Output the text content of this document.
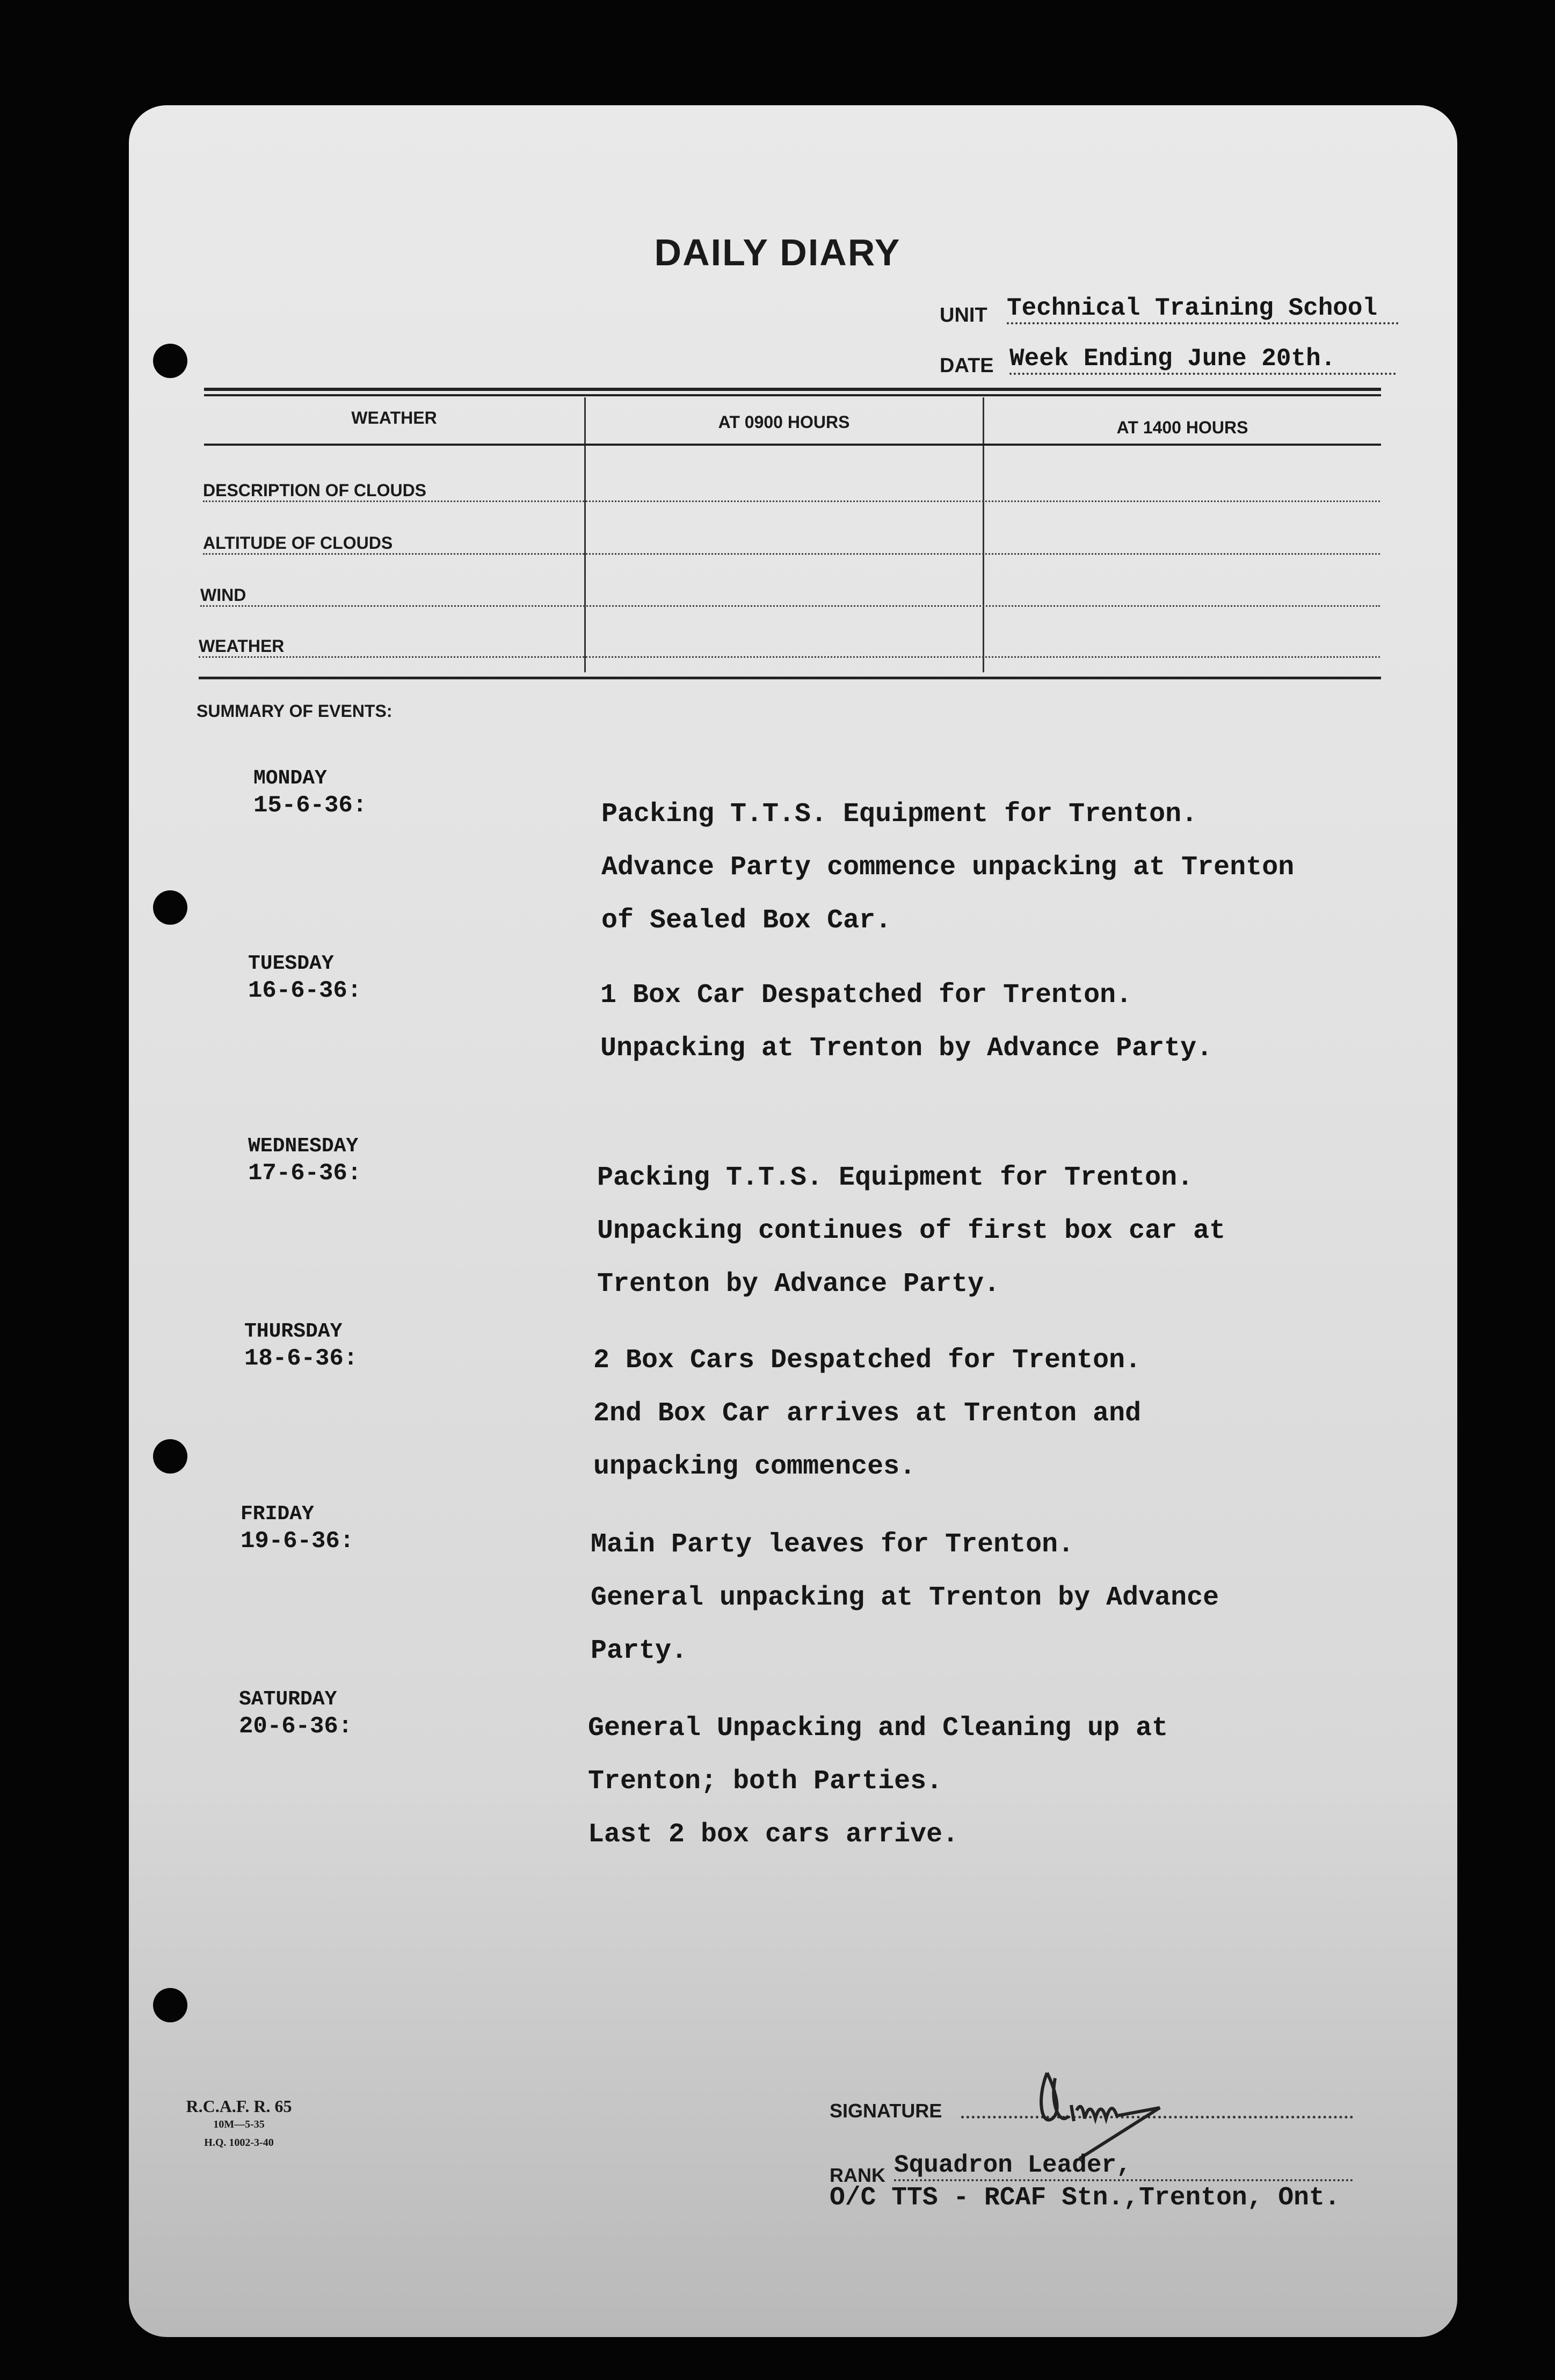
DAILY DIARY
UNIT Technical Training School
DATE Week Ending June 20th.
WEATHER	AT 0900 HOURS	AT 1400 HOURS
DESCRIPTION OF CLOUDS
ALTITUDE OF CLOUDS
WIND
WEATHER
SUMMARY OF EVENTS:
MONDAY
15-6-36:	Packing T.T.S. Equipment for Trenton.
Advance Party commence unpacking at Trenton
of Sealed Box Car.
TUESDAY
16-6-36:	1 Box Car Despatched for Trenton.
Unpacking at Trenton by Advance Party.
WEDNESDAY
17-6-36:	Packing T.T.S. Equipment for Trenton.
Unpacking continues of first box car at
Trenton by Advance Party.
THURSDAY
18-6-36:	2 Box Cars Despatched for Trenton.
2nd Box Car arrives at Trenton and
unpacking commences.
FRIDAY
19-6-36:	Main Party leaves for Trenton.
General unpacking at Trenton by Advance
Party.
SATURDAY
20-6-36:	General Unpacking and Cleaning up at
Trenton; both Parties.
Last 2 box cars arrive.
R.C.A.F. R. 65
10M—5-35
H.Q. 1002-3-40
SIGNATURE
RANK Squadron Leader,
O/C TTS - RCAF Stn.,Trenton, Ont.
